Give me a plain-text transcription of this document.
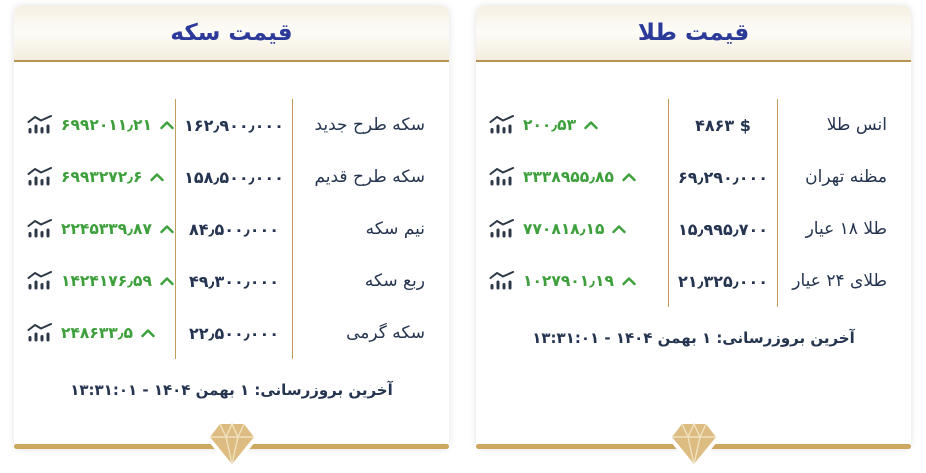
قیمت طلا
انس طلا
۴۸۶۳ $
۲۰۰٫۵۳
مظنه تهران
۶۹٫۲۹۰٫۰۰۰
۳۳۳۸۹۵۵٫۸۵
طلا ۱۸ عیار
۱۵٫۹۹۵٫۷۰۰
۷۷۰۸۱۸٫۱۵
طلای ۲۴ عیار
۲۱٫۳۲۵٫۰۰۰
۱۰۲۷۹۰۱٫۱۹
آخرین بروزرسانی: ۱ بهمن ۱۴۰۴ - ۱۳:۳۱:۰۱
قیمت سکه
سکه طرح جدید
۱۶۲٫۹۰۰٫۰۰۰
۶۹۹۲۰۱۱٫۲۱
سکه طرح قدیم
۱۵۸٫۵۰۰٫۰۰۰
۶۹۹۳۲۷۲٫۶
نیم سکه
۸۴٫۵۰۰٫۰۰۰
۲۲۴۵۳۳۹٫۸۷
ربع سکه
۴۹٫۳۰۰٫۰۰۰
۱۴۲۴۱۷۶٫۵۹
سکه گرمی
۲۲٫۵۰۰٫۰۰۰
۲۴۸۶۳۳٫۵
آخرین بروزرسانی: ۱ بهمن ۱۴۰۴ - ۱۳:۳۱:۰۱
